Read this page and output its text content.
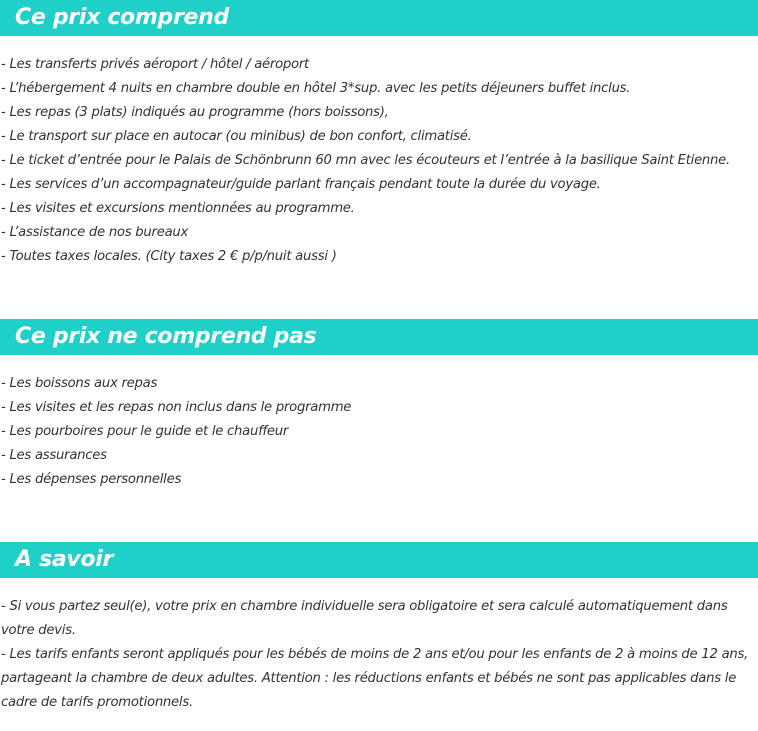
Ce prix comprend
- Les transferts privés aéroport / hôtel / aéroport
- L’hébergement 4 nuits en chambre double en hôtel 3*sup. avec les petits déjeuners buffet inclus.
- Les repas (3 plats) indiqués au programme (hors boissons),
- Le transport sur place en autocar (ou minibus) de bon confort, climatisé.
- Le ticket d’entrée pour le Palais de Schönbrunn 60 mn avec les écouteurs et l’entrée à la basilique Saint Etienne.
- Les services d’un accompagnateur/guide parlant français pendant toute la durée du voyage.
- Les visites et excursions mentionnées au programme.
- L’assistance de nos bureaux
- Toutes taxes locales. (City taxes 2 € p/p/nuit aussi )
Ce prix ne comprend pas
- Les boissons aux repas
- Les visites et les repas non inclus dans le programme
- Les pourboires pour le guide et le chauffeur
- Les assurances
- Les dépenses personnelles
A savoir
- Si vous partez seul(e), votre prix en chambre individuelle sera obligatoire et sera calculé automatiquement dans votre devis.
- Les tarifs enfants seront appliqués pour les bébés de moins de 2 ans et/ou pour les enfants de 2 à moins de 12 ans, partageant la chambre de deux adultes. Attention : les réductions enfants et bébés ne sont pas applicables dans le cadre de tarifs promotionnels.
